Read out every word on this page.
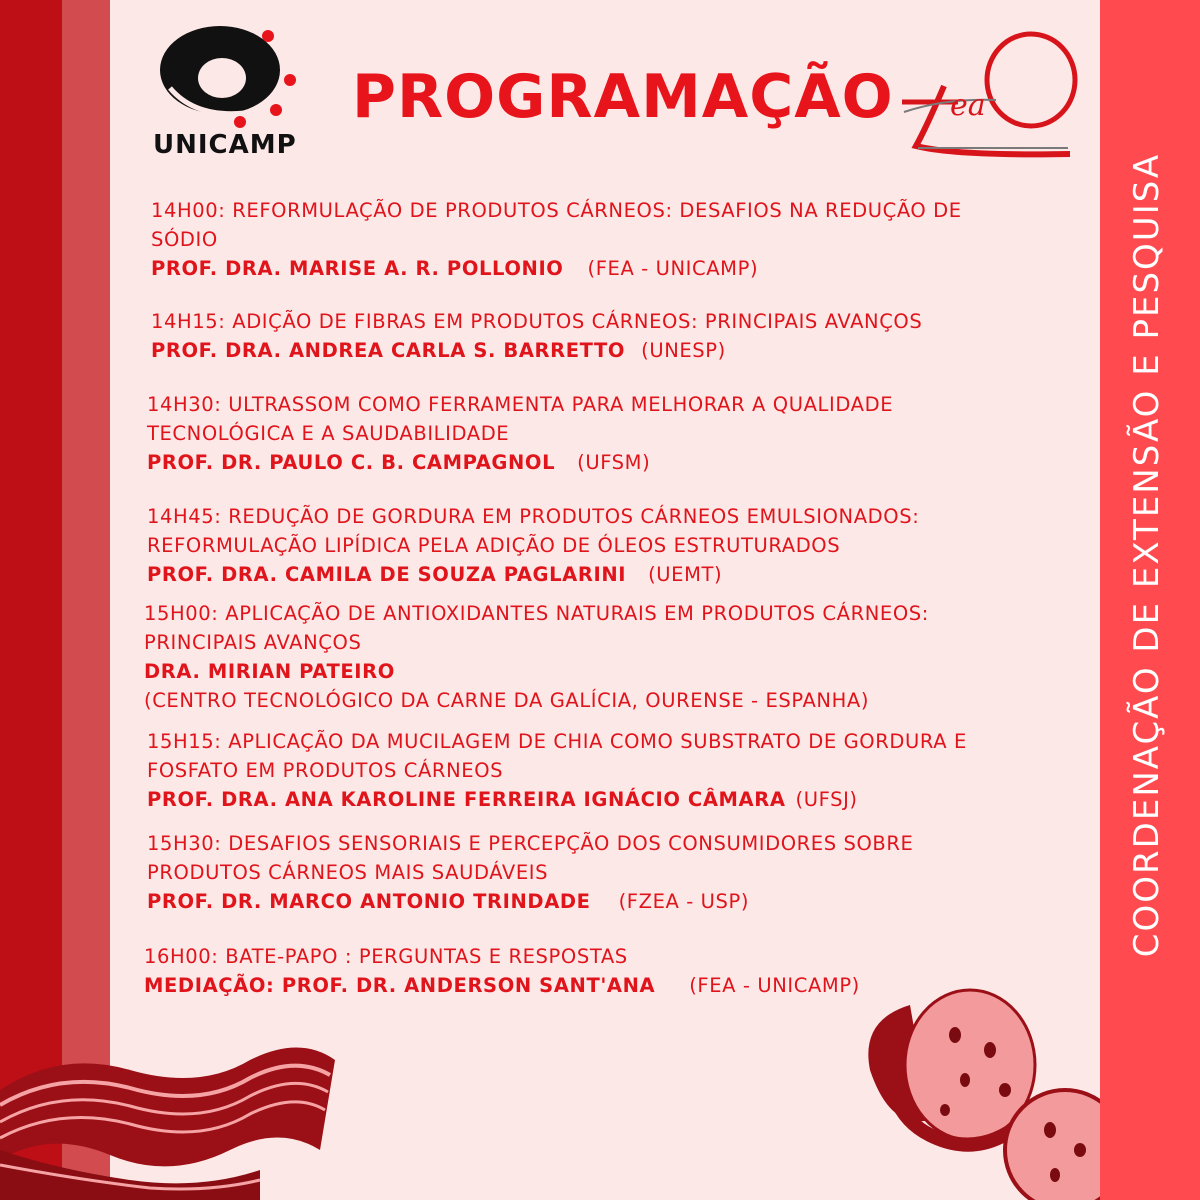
COORDENAÇÃO DE EXTENSÃO E PESQUISA
UNICAMP
PROGRAMAÇÃO ea
14H00: REFORMULAÇÃO DE PRODUTOS CÁRNEOS: DESAFIOS NA REDUÇÃO DE
SÓDIO
PROF. DRA. MARISE A. R. POLLONIO (FEA - UNICAMP)
14H15: ADIÇÃO DE FIBRAS EM PRODUTOS CÁRNEOS: PRINCIPAIS AVANÇOS
PROF. DRA. ANDREA CARLA S. BARRETTO (UNESP)
14H30: ULTRASSOM COMO FERRAMENTA PARA MELHORAR A QUALIDADE
TECNOLÓGICA E A SAUDABILIDADE
PROF. DR. PAULO C. B. CAMPAGNOL (UFSM)
14H45: REDUÇÃO DE GORDURA EM PRODUTOS CÁRNEOS EMULSIONADOS:
REFORMULAÇÃO LIPÍDICA PELA ADIÇÃO DE ÓLEOS ESTRUTURADOS
PROF. DRA. CAMILA DE SOUZA PAGLARINI (UEMT)
15H00: APLICAÇÃO DE ANTIOXIDANTES NATURAIS EM PRODUTOS CÁRNEOS:
PRINCIPAIS AVANÇOS
DRA. MIRIAN PATEIRO
(CENTRO TECNOLÓGICO DA CARNE DA GALÍCIA, OURENSE - ESPANHA)
15H15: APLICAÇÃO DA MUCILAGEM DE CHIA COMO SUBSTRATO DE GORDURA E
FOSFATO EM PRODUTOS CÁRNEOS
PROF. DRA. ANA KAROLINE FERREIRA IGNÁCIO CÂMARA (UFSJ)
15H30: DESAFIOS SENSORIAIS E PERCEPÇÃO DOS CONSUMIDORES SOBRE
PRODUTOS CÁRNEOS MAIS SAUDÁVEIS
PROF. DR. MARCO ANTONIO TRINDADE (FZEA - USP)
16H00: BATE-PAPO : PERGUNTAS E RESPOSTAS
MEDIAÇÃO: PROF. DR. ANDERSON SANT'ANA (FEA - UNICAMP)
